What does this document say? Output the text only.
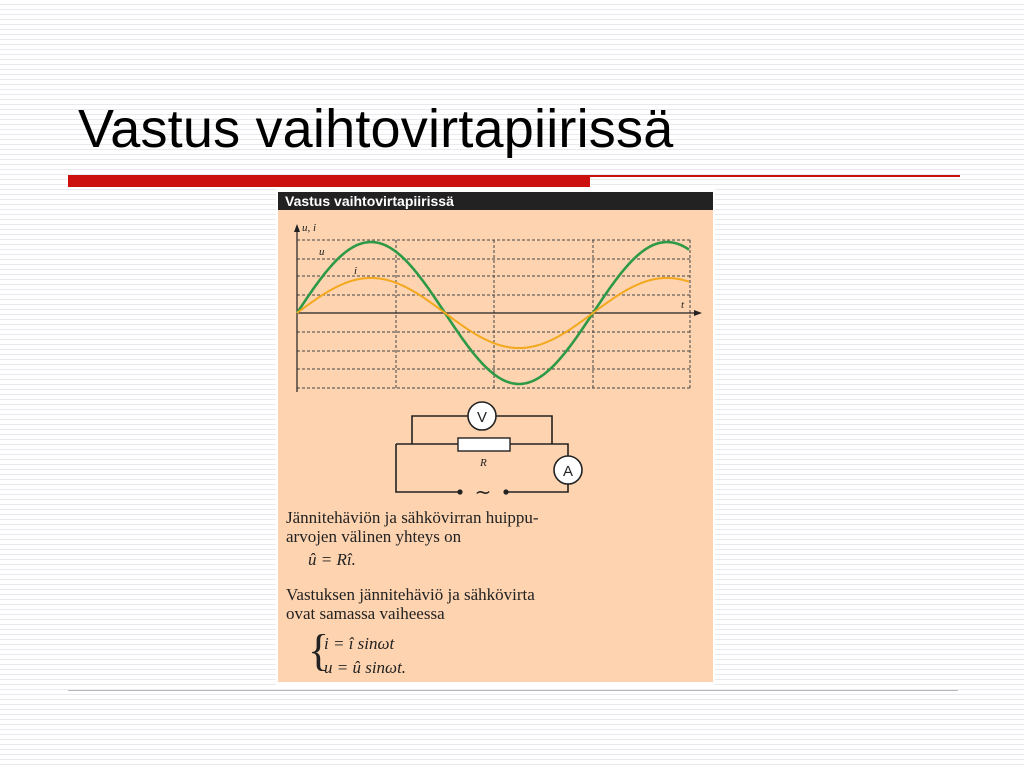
Vastus vaihtovirtapiirissä
Vastus vaihtovirtapiirissä
u, i
t
u
i
R
V
A
~
Jännitehäviön ja sähkövirran huippu-
arvojen välinen yhteys on
û = Rî.
Vastuksen jännitehäviö ja sähkövirta
ovat samassa vaiheessa
{
i = î sinωt
u = û sinωt.
